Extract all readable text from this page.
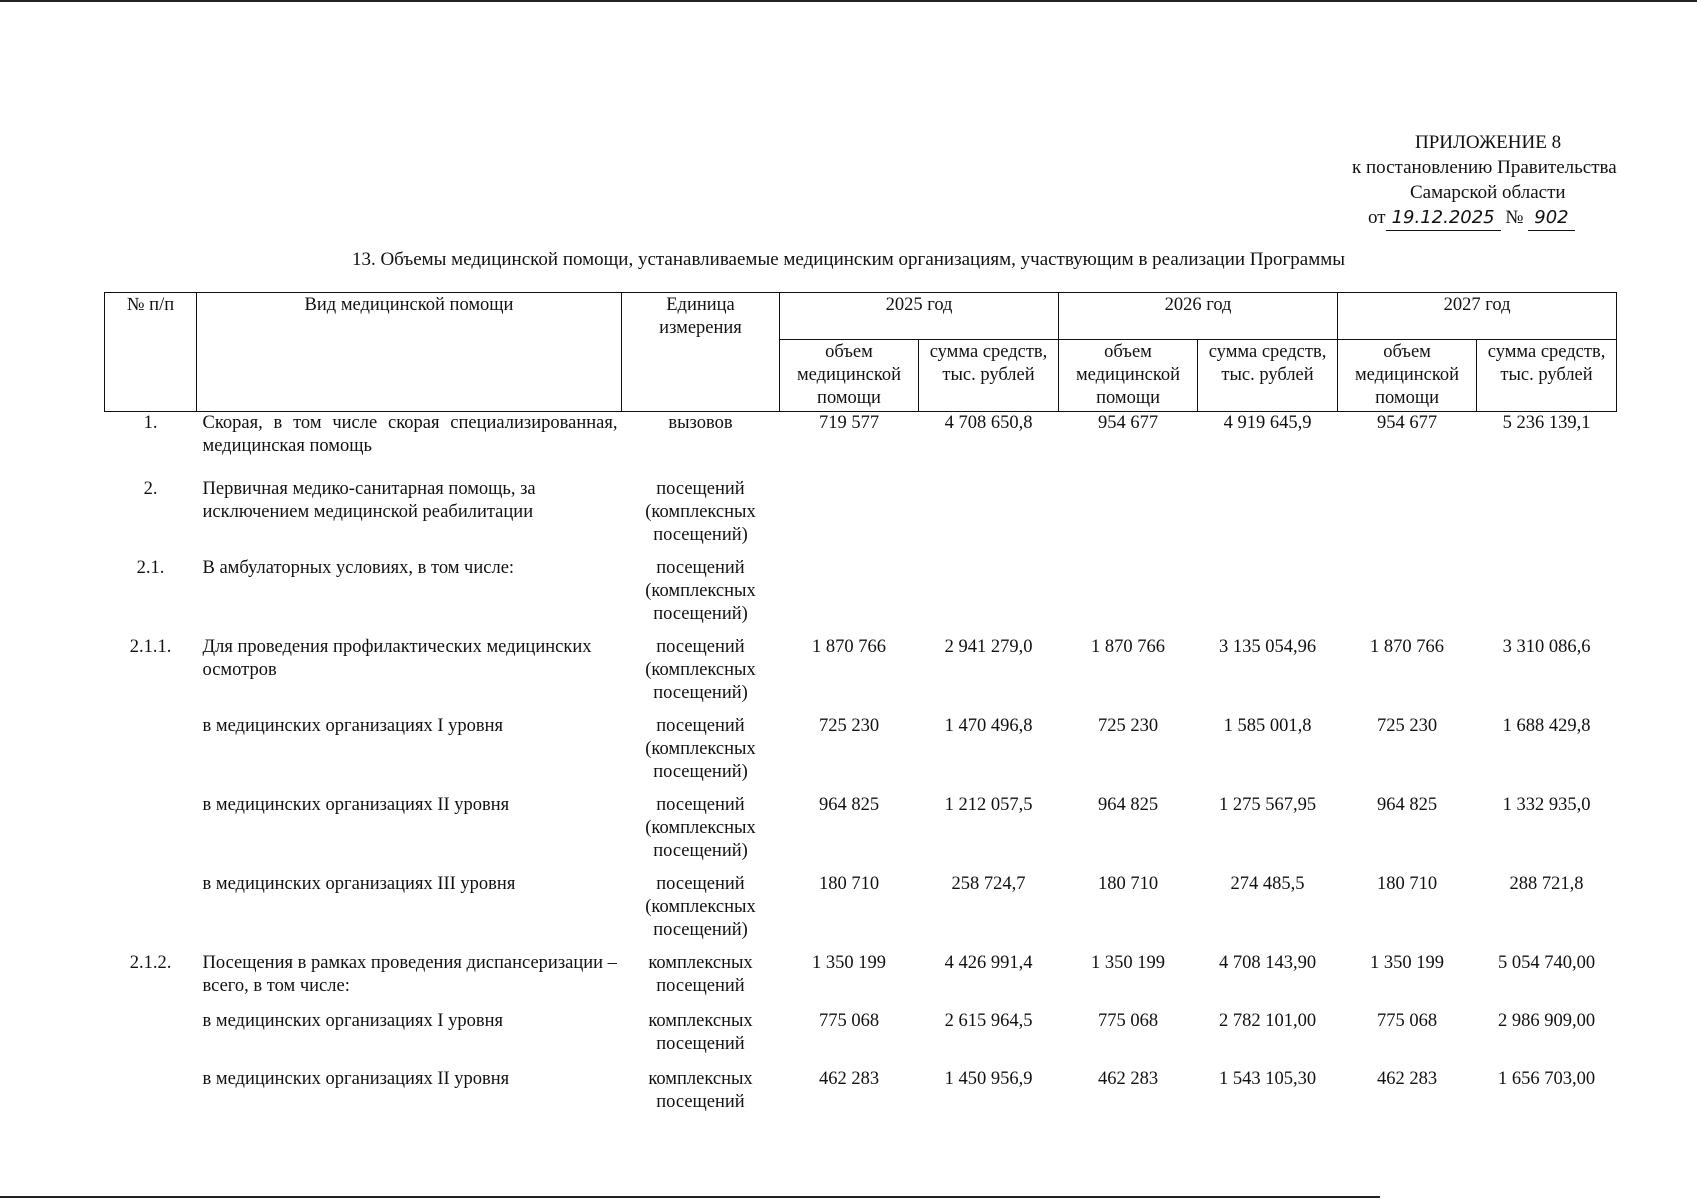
ПРИЛОЖЕНИЕ 8
к постановлению Правительства
Самарской области
от 19.12.2025 № 902
13. Объемы медицинской помощи, устанавливаемые медицинским организациям, участвующим в реализации Программы
№ п/п	Вид медицинской помощи	Единица измерения	2025 год		2026 год		2027 год	
			объем медицинской помощи	сумма средств, тыс. рублей	объем медицинской помощи	сумма средств, тыс. рублей	объем медицинской помощи	сумма средств, тыс. рублей
1.	Скорая, в том числе скорая специализированная, медицинская помощь	вызовов	719 577	4 708 650,8	954 677	4 919 645,9	954 677	5 236 139,1
2.	Первичная медико-санитарная помощь, за исключением медицинской реабилитации	посещений (комплексных посещений)						
2.1.	В амбулаторных условиях, в том числе:	посещений (комплексных посещений)						
2.1.1.	Для проведения профилактических медицинских осмотров	посещений (комплексных посещений)	1 870 766	2 941 279,0	1 870 766	3 135 054,96	1 870 766	3 310 086,6
	в медицинских организациях I уровня	посещений (комплексных посещений)	725 230	1 470 496,8	725 230	1 585 001,8	725 230	1 688 429,8
	в медицинских организациях II уровня	посещений (комплексных посещений)	964 825	1 212 057,5	964 825	1 275 567,95	964 825	1 332 935,0
	в медицинских организациях III уровня	посещений (комплексных посещений)	180 710	258 724,7	180 710	274 485,5	180 710	288 721,8
2.1.2.	Посещения в рамках проведения диспансеризации – всего, в том числе:	комплексных посещений	1 350 199	4 426 991,4	1 350 199	4 708 143,90	1 350 199	5 054 740,00
	в медицинских организациях I уровня	комплексных посещений	775 068	2 615 964,5	775 068	2 782 101,00	775 068	2 986 909,00
	в медицинских организациях II уровня	комплексных посещений	462 283	1 450 956,9	462 283	1 543 105,30	462 283	1 656 703,00
